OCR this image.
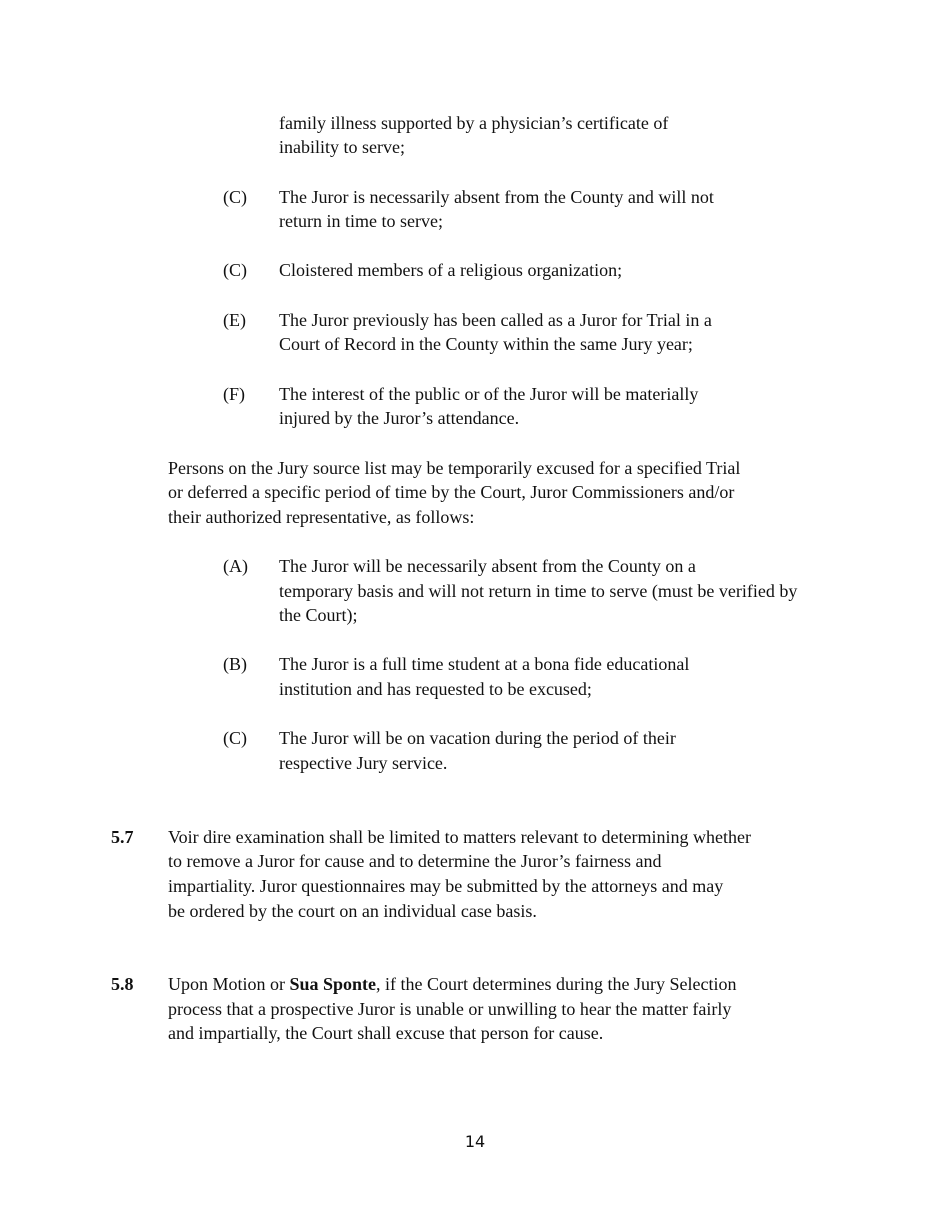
family illness supported by a physician’s certificate of

inability to serve;

(C) The Juror is necessarily absent from the County and will not

return in time to serve;

(C) Cloistered members of a religious organization;

(E) The Juror previously has been called as a Juror for Trial in a

Court of Record in the County within the same Jury year;

(F) The interest of the public or of the Juror will be materially

injured by the Juror’s attendance.

Persons on the Jury source list may be temporarily excused for a specified Trial

or deferred a specific period of time by the Court, Juror Commissioners and/or

their authorized representative, as follows:

(A) The Juror will be necessarily absent from the County on a

temporary basis and will not return in time to serve (must be verified by

the Court);

(B) The Juror is a full time student at a bona fide educational

institution and has requested to be excused;

(C) The Juror will be on vacation during the period of their

respective Jury service.

5.7 Voir dire examination shall be limited to matters relevant to determining whether

to remove a Juror for cause and to determine the Juror’s fairness and

impartiality. Juror questionnaires may be submitted by the attorneys and may

be ordered by the court on an individual case basis.

5.8 Upon Motion or Sua Sponte, if the Court determines during the Jury Selection

process that a prospective Juror is unable or unwilling to hear the matter fairly

and impartially, the Court shall excuse that person for cause.

14
